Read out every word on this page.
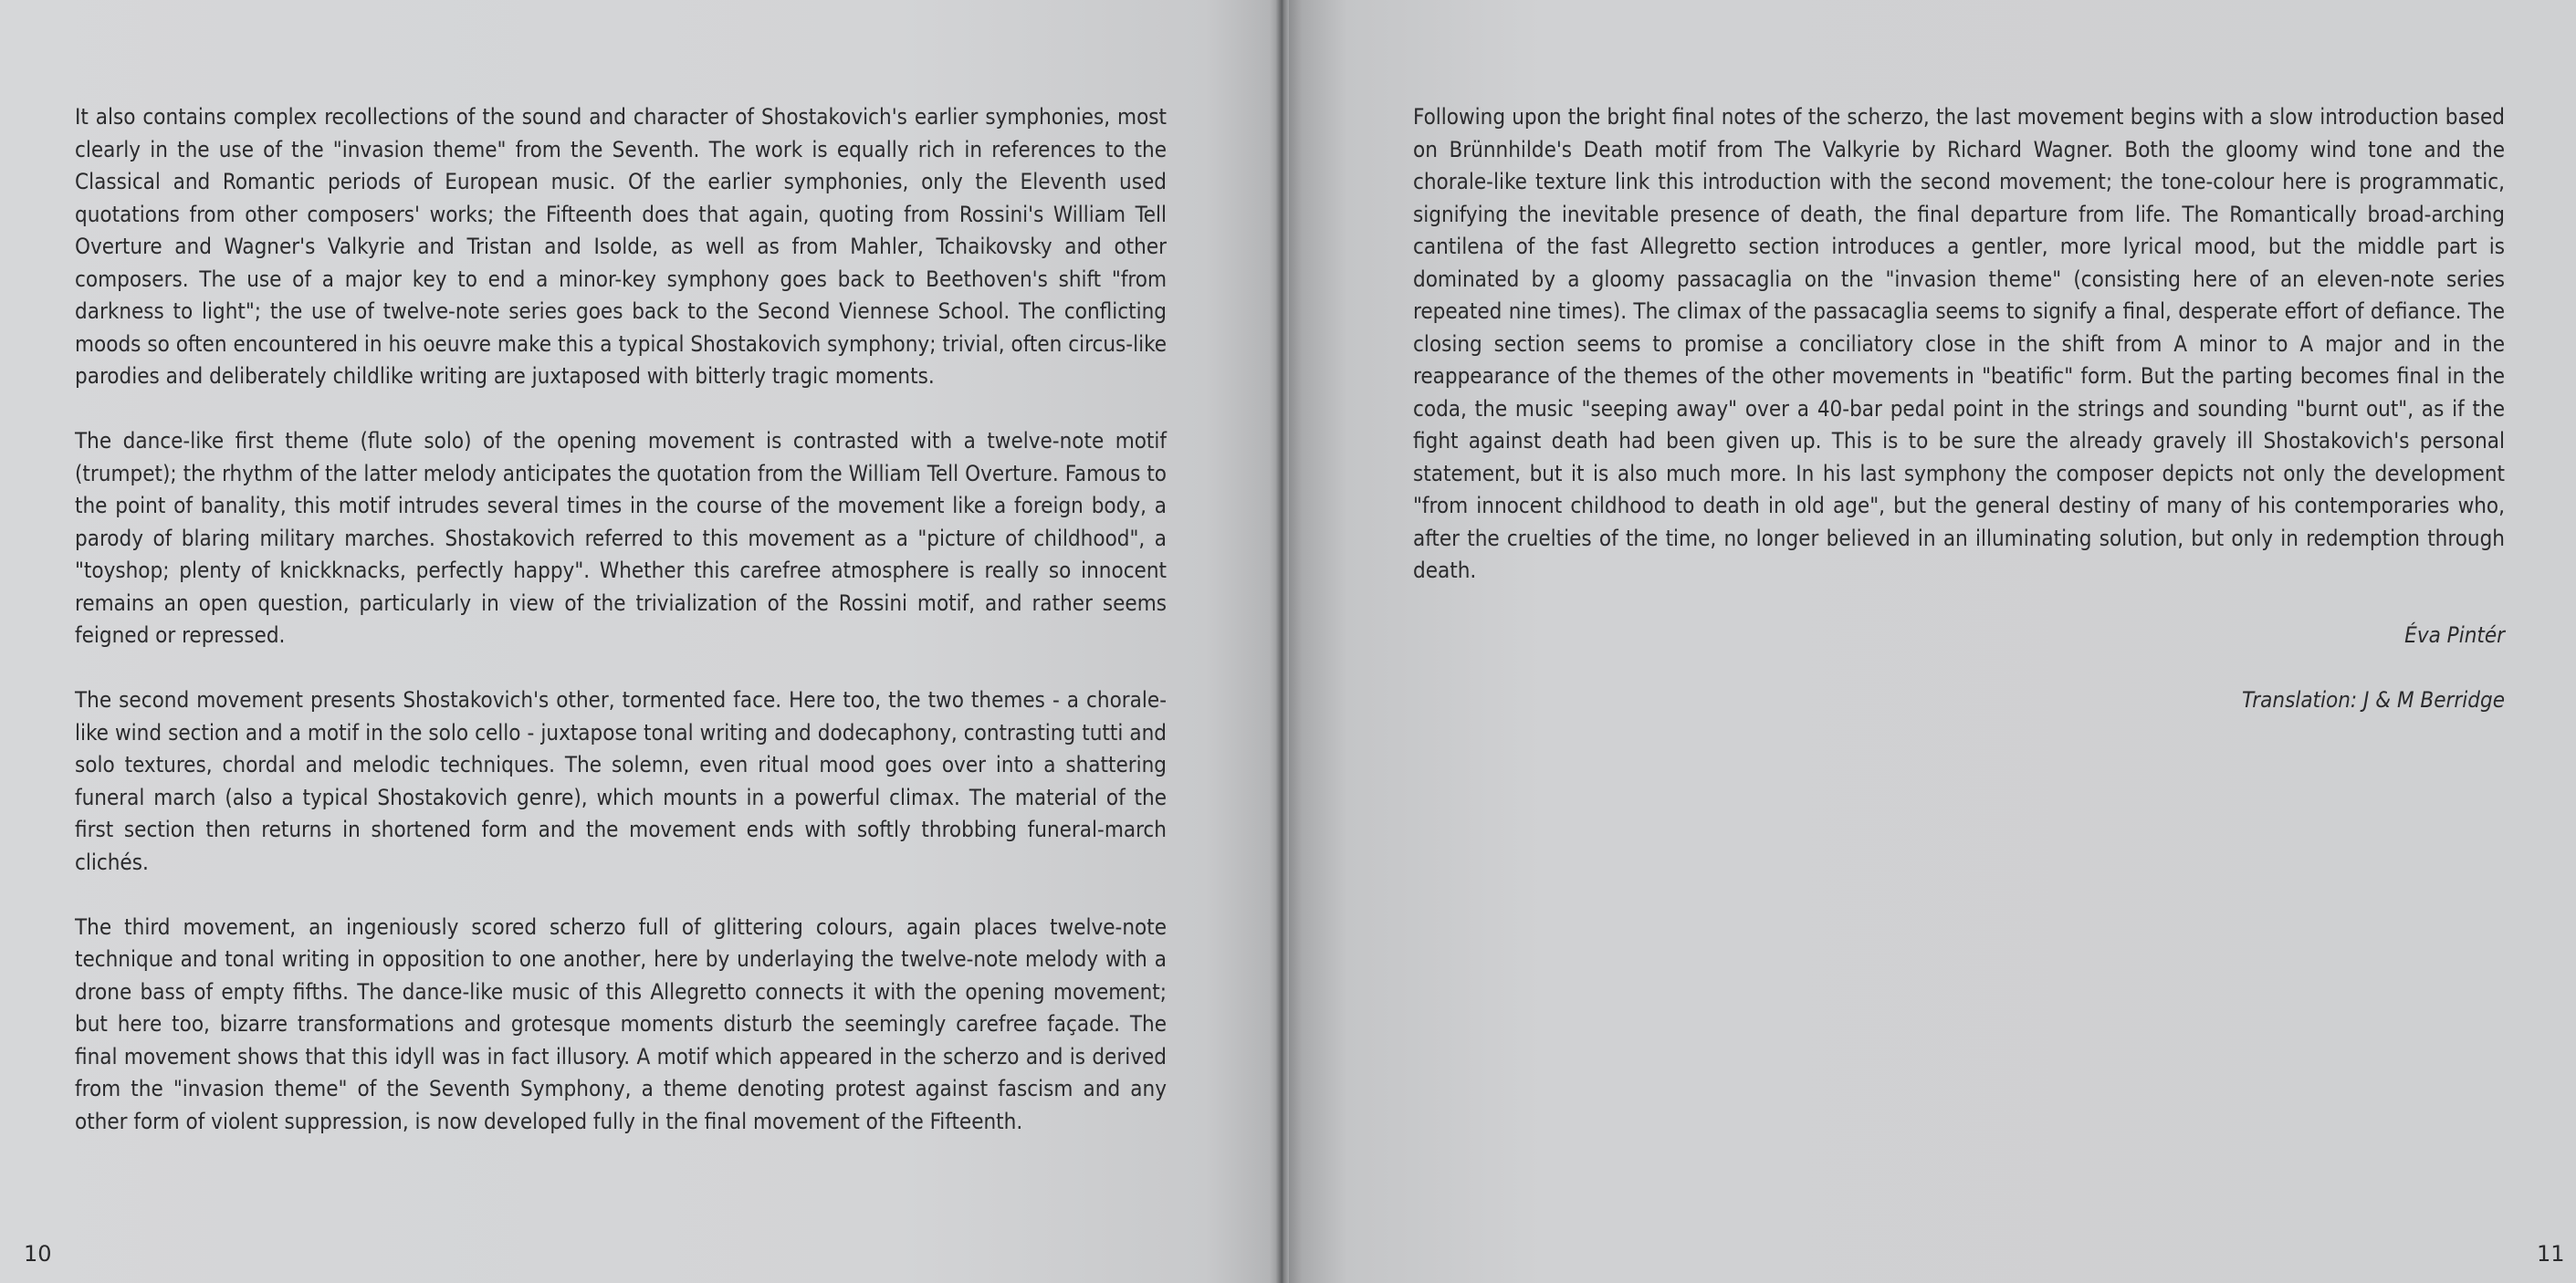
It also contains complex recollections of the sound and character of Shostakovich's earlier symphonies, most clearly in the use of the "invasion theme" from the Seventh. The work is equally rich in references to the Classical and Romantic periods of European music. Of the earlier symphonies, only the Eleventh used quotations from other composers' works; the Fifteenth does that again, quoting from Rossini's William Tell Overture and Wagner's Valkyrie and Tristan and Isolde, as well as from Mahler, Tchaikovsky and other composers. The use of a major key to end a minor-key symphony goes back to Beethoven's shift "from darkness to light"; the use of twelve-note series goes back to the Second Viennese School. The conflicting moods so often encountered in his oeuvre make this a typical Shostakovich symphony; trivial, often circus-like parodies and deliberately childlike writing are juxtaposed with bitterly tragic moments.

The dance-like first theme (flute solo) of the opening movement is contrasted with a twelve-note motif (trumpet); the rhythm of the latter melody anticipates the quotation from the William Tell Overture. Famous to the point of banality, this motif intrudes several times in the course of the movement like a foreign body, a parody of blaring military marches. Shostakovich referred to this movement as a "picture of childhood", a "toyshop; plenty of knickknacks, perfectly happy". Whether this carefree atmosphere is really so innocent remains an open question, particularly in view of the trivialization of the Rossini motif, and rather seems feigned or repressed.

The second movement presents Shostakovich's other, tormented face. Here too, the two themes - a chorale-like wind section and a motif in the solo cello - juxtapose tonal writing and dodecaphony, contrasting tutti and solo textures, chordal and melodic techniques. The solemn, even ritual mood goes over into a shattering funeral march (also a typical Shostakovich genre), which mounts in a powerful climax. The material of the first section then returns in shortened form and the movement ends with softly throbbing funeral-march clichés.

The third movement, an ingeniously scored scherzo full of glittering colours, again places twelve-note technique and tonal writing in opposition to one another, here by underlaying the twelve-note melody with a drone bass of empty fifths. The dance-like music of this Allegretto connects it with the opening movement; but here too, bizarre transformations and grotesque moments disturb the seemingly carefree façade. The final movement shows that this idyll was in fact illusory. A motif which appeared in the scherzo and is derived from the "invasion theme" of the Seventh Symphony, a theme denoting protest against fascism and any other form of violent suppression, is now developed fully in the final movement of the Fifteenth.

10	11

Following upon the bright final notes of the scherzo, the last movement begins with a slow introduction based on Brünnhilde's Death motif from The Valkyrie by Richard Wagner. Both the gloomy wind tone and the chorale-like texture link this introduction with the second movement; the tone-colour here is programmatic, signifying the inevitable presence of death, the final departure from life. The Romantically broad-arching cantilena of the fast Allegretto section introduces a gentler, more lyrical mood, but the middle part is dominated by a gloomy passacaglia on the "invasion theme" (consisting here of an eleven-note series repeated nine times). The climax of the passacaglia seems to signify a final, desperate effort of defiance. The closing section seems to promise a conciliatory close in the shift from A minor to A major and in the reappearance of the themes of the other movements in "beatific" form. But the parting becomes final in the coda, the music "seeping away" over a 40-bar pedal point in the strings and sounding "burnt out", as if the fight against death had been given up. This is to be sure the already gravely ill Shostakovich's personal statement, but it is also much more. In his last symphony the composer depicts not only the development "from innocent childhood to death in old age", but the general destiny of many of his contemporaries who, after the cruelties of the time, no longer believed in an illuminating solution, but only in redemption through death.

Éva Pintér

Translation: J & M Berridge
